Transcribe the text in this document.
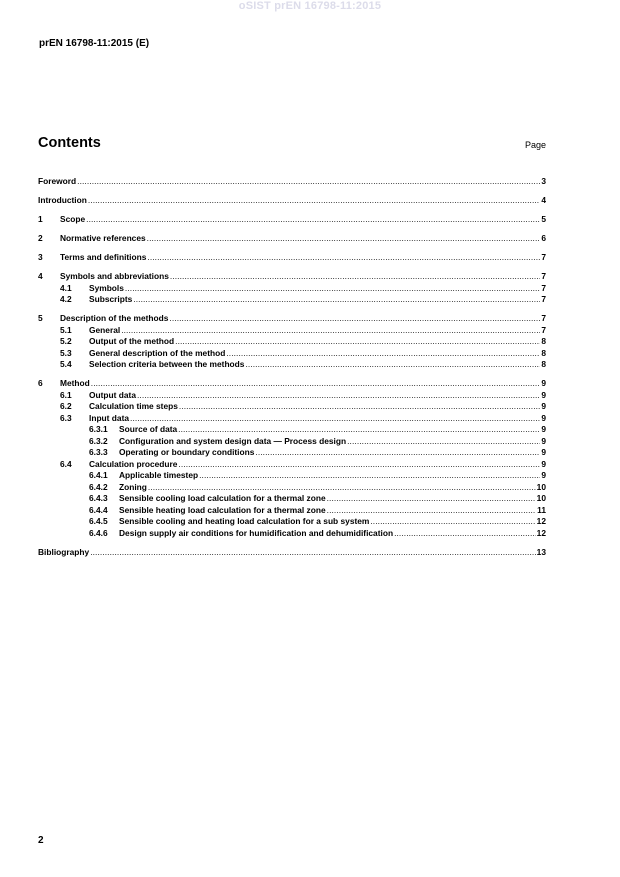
oSIST prEN 16798-11:2015
prEN 16798-11:2015 (E)
Contents	Page
Foreword .....	3
Introduction .....	4
1	Scope .....	5
2	Normative references .....	6
3	Terms and definitions .....	7
4	Symbols and abbreviations .....	7
4.1	Symbols .....	7
4.2	Subscripts .....	7
5	Description of the methods .....	7
5.1	General .....	7
5.2	Output of the method .....	8
5.3	General description of the method .....	8
5.4	Selection criteria between the methods .....	8
6	Method .....	9
6.1	Output data .....	9
6.2	Calculation time steps .....	9
6.3	Input data .....	9
6.3.1	Source of data .....	9
6.3.2	Configuration and system design data — Process design .....	9
6.3.3	Operating or boundary conditions .....	9
6.4	Calculation procedure .....	9
6.4.1	Applicable timestep .....	9
6.4.2	Zoning .....	10
6.4.3	Sensible cooling load calculation for a thermal zone .....	10
6.4.4	Sensible heating load calculation for a thermal zone .....	11
6.4.5	Sensible cooling and heating load calculation for a sub system .....	12
6.4.6	Design supply air conditions for humidification and dehumidification .....	12
Bibliography .....	13
2
